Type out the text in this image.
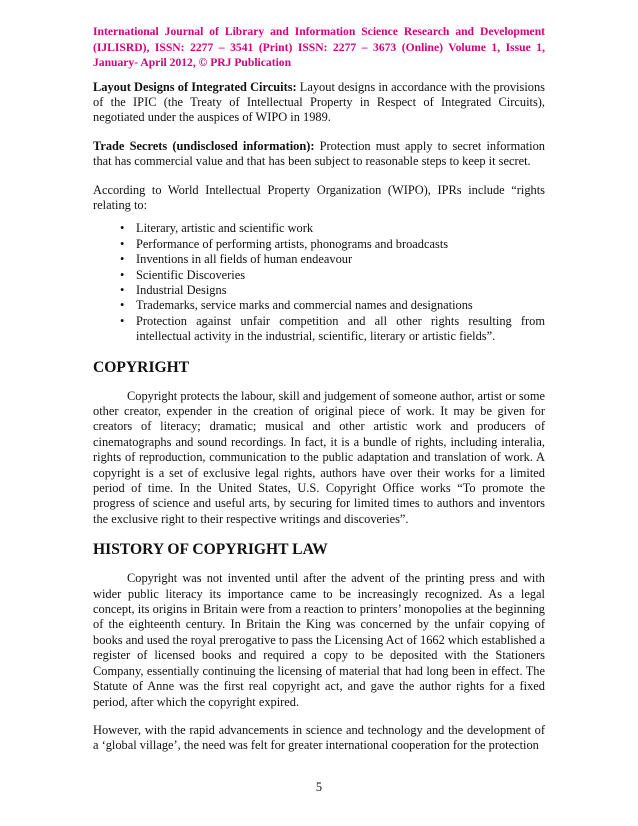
International Journal of Library and Information Science Research and Development (IJLISRD), ISSN: 2277 – 3541 (Print) ISSN: 2277 – 3673 (Online) Volume 1, Issue 1, January- April 2012, © PRJ Publication

Layout Designs of Integrated Circuits: Layout designs in accordance with the provisions of the IPIC (the Treaty of Intellectual Property in Respect of Integrated Circuits), negotiated under the auspices of WIPO in 1989.

Trade Secrets (undisclosed information): Protection must apply to secret information that has commercial value and that has been subject to reasonable steps to keep it secret.

According to World Intellectual Property Organization (WIPO), IPRs include “rights relating to:

• Literary, artistic and scientific work
• Performance of performing artists, phonograms and broadcasts
• Inventions in all fields of human endeavour
• Scientific Discoveries
• Industrial Designs
• Trademarks, service marks and commercial names and designations
• Protection against unfair competition and all other rights resulting from intellectual activity in the industrial, scientific, literary or artistic fields”.
COPYRIGHT

Copyright protects the labour, skill and judgement of someone author, artist or some other creator, expender in the creation of original piece of work. It may be given for creators of literacy; dramatic; musical and other artistic work and producers of cinematographs and sound recordings. In fact, it is a bundle of rights, including interalia, rights of reproduction, communication to the public adaptation and translation of work. A copyright is a set of exclusive legal rights, authors have over their works for a limited period of time. In the United States, U.S. Copyright Office works “To promote the progress of science and useful arts, by securing for limited times to authors and inventors the exclusive right to their respective writings and discoveries”.

HISTORY OF COPYRIGHT LAW

Copyright was not invented until after the advent of the printing press and with wider public literacy its importance came to be increasingly recognized. As a legal concept, its origins in Britain were from a reaction to printers’ monopolies at the beginning of the eighteenth century. In Britain the King was concerned by the unfair copying of books and used the royal prerogative to pass the Licensing Act of 1662 which established a register of licensed books and required a copy to be deposited with the Stationers Company, essentially continuing the licensing of material that had long been in effect. The Statute of Anne was the first real copyright act, and gave the author rights for a fixed period, after which the copyright expired.

However, with the rapid advancements in science and technology and the development of a ‘global village’, the need was felt for greater international cooperation for the protection

5
